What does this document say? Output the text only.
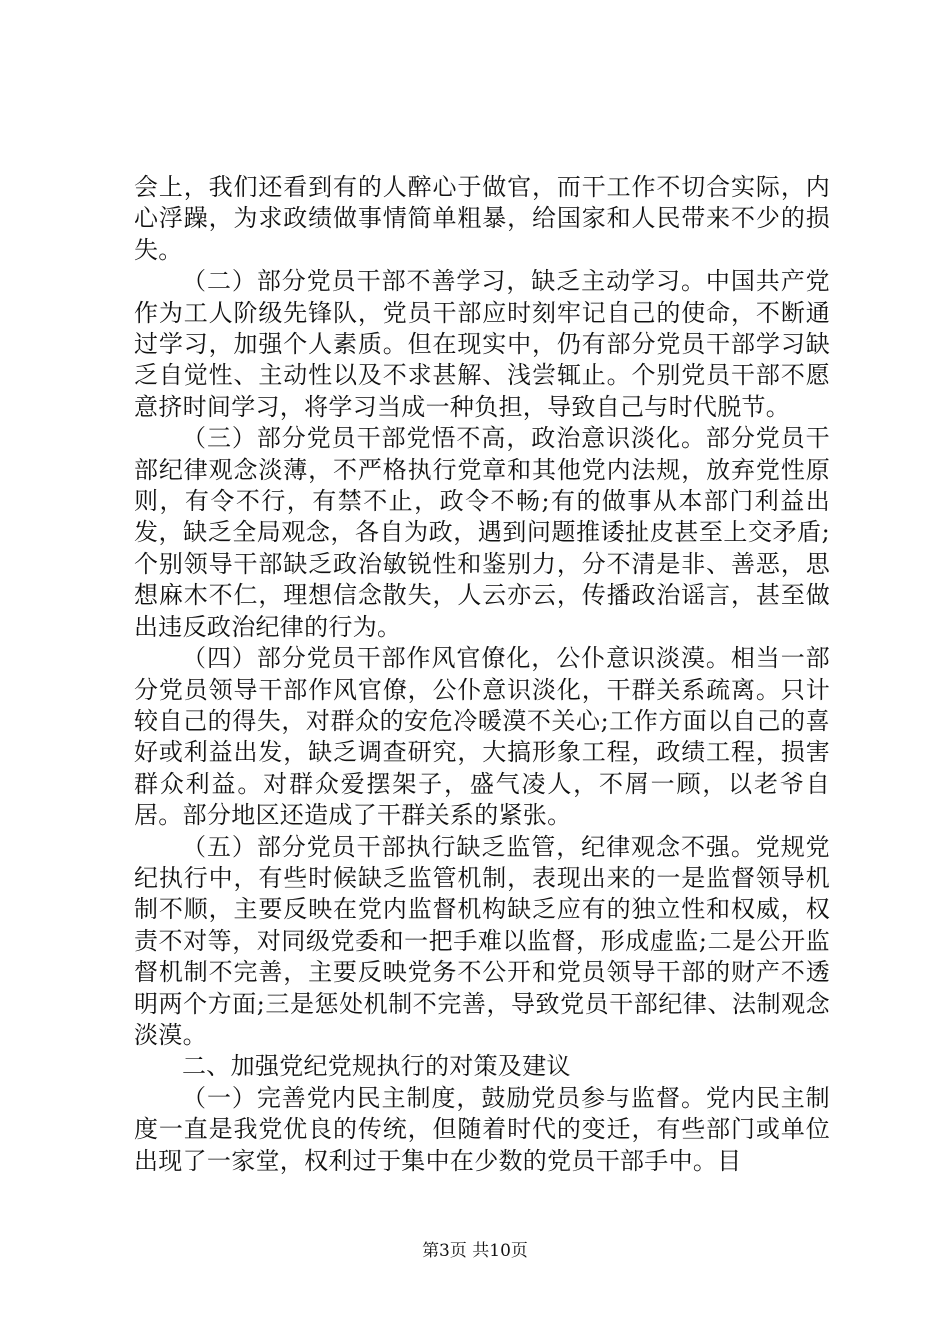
会上，我们还看到有的人醉心于做官，而干工作不切合实际，内心浮躁，为求政绩做事情简单粗暴，给国家和人民带来不少的损失。

（二）部分党员干部不善学习，缺乏主动学习。中国共产党作为工人阶级先锋队，党员干部应时刻牢记自己的使命，不断通过学习，加强个人素质。但在现实中，仍有部分党员干部学习缺乏自觉性、主动性以及不求甚解、浅尝辄止。个别党员干部不愿意挤时间学习，将学习当成一种负担，导致自己与时代脱节。

（三）部分党员干部党悟不高，政治意识淡化。部分党员干部纪律观念淡薄，不严格执行党章和其他党内法规，放弃党性原则，有令不行，有禁不止，政令不畅;有的做事从本部门利益出发，缺乏全局观念，各自为政，遇到问题推诿扯皮甚至上交矛盾;个别领导干部缺乏政治敏锐性和鉴别力，分不清是非、善恶，思想麻木不仁，理想信念散失，人云亦云，传播政治谣言，甚至做出违反政治纪律的行为。

（四）部分党员干部作风官僚化，公仆意识淡漠。相当一部分党员领导干部作风官僚，公仆意识淡化，干群关系疏离。只计较自己的得失，对群众的安危冷暖漠不关心;工作方面以自己的喜好或利益出发，缺乏调查研究，大搞形象工程，政绩工程，损害群众利益。对群众爱摆架子，盛气凌人，不屑一顾，以老爷自居。部分地区还造成了干群关系的紧张。

（五）部分党员干部执行缺乏监管，纪律观念不强。党规党纪执行中，有些时候缺乏监管机制，表现出来的一是监督领导机制不顺，主要反映在党内监督机构缺乏应有的独立性和权威，权责不对等，对同级党委和一把手难以监督，形成虚监;二是公开监督机制不完善，主要反映党务不公开和党员领导干部的财产不透明两个方面;三是惩处机制不完善，导致党员干部纪律、法制观念淡漠。

二、加强党纪党规执行的对策及建议

（一）完善党内民主制度，鼓励党员参与监督。党内民主制度一直是我党优良的传统，但随着时代的变迁，有些部门或单位出现了一家堂，权利过于集中在少数的党员干部手中。目

第3页 共10页
